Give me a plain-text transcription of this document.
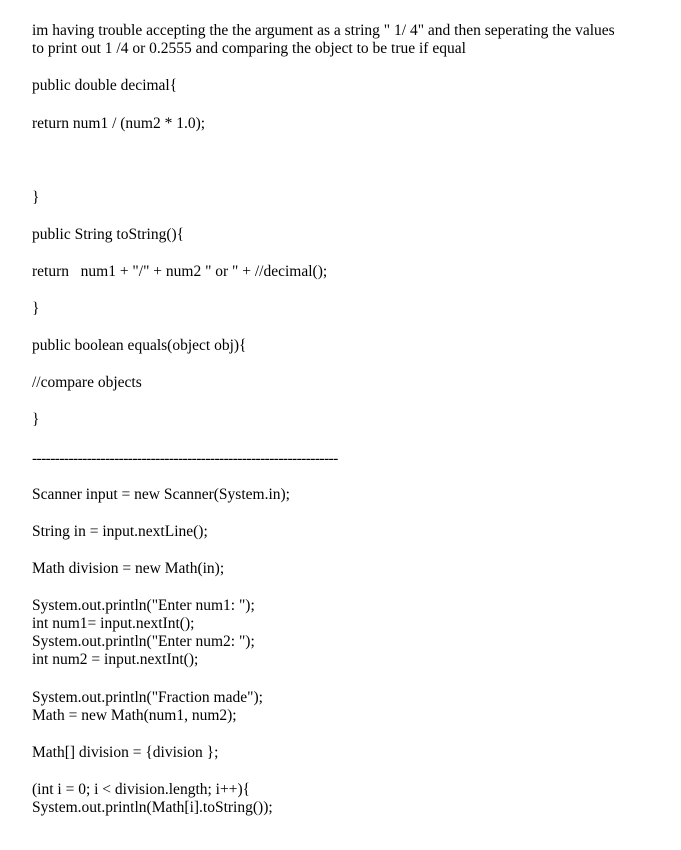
im having trouble accepting the the argument as a string " 1/ 4" and then seperating the values
to print out 1 /4 or 0.2555 and comparing the object to be true if equal
public double decimal{
return num1 / (num2 * 1.0);
}
public String toString(){
return   num1 + "/" + num2 " or " + //decimal();
}
public boolean equals(object obj){
//compare objects
}
-------------------------------------------------------------------
Scanner input = new Scanner(System.in);
String in = input.nextLine();
Math division = new Math(in);
System.out.println("Enter num1: ");
int num1= input.nextInt();
System.out.println("Enter num2: ");
int num2 = input.nextInt();
System.out.println("Fraction made");
Math = new Math(num1, num2);
Math[] division = {division };
(int i = 0; i < division.length; i++){
System.out.println(Math[i].toString());
